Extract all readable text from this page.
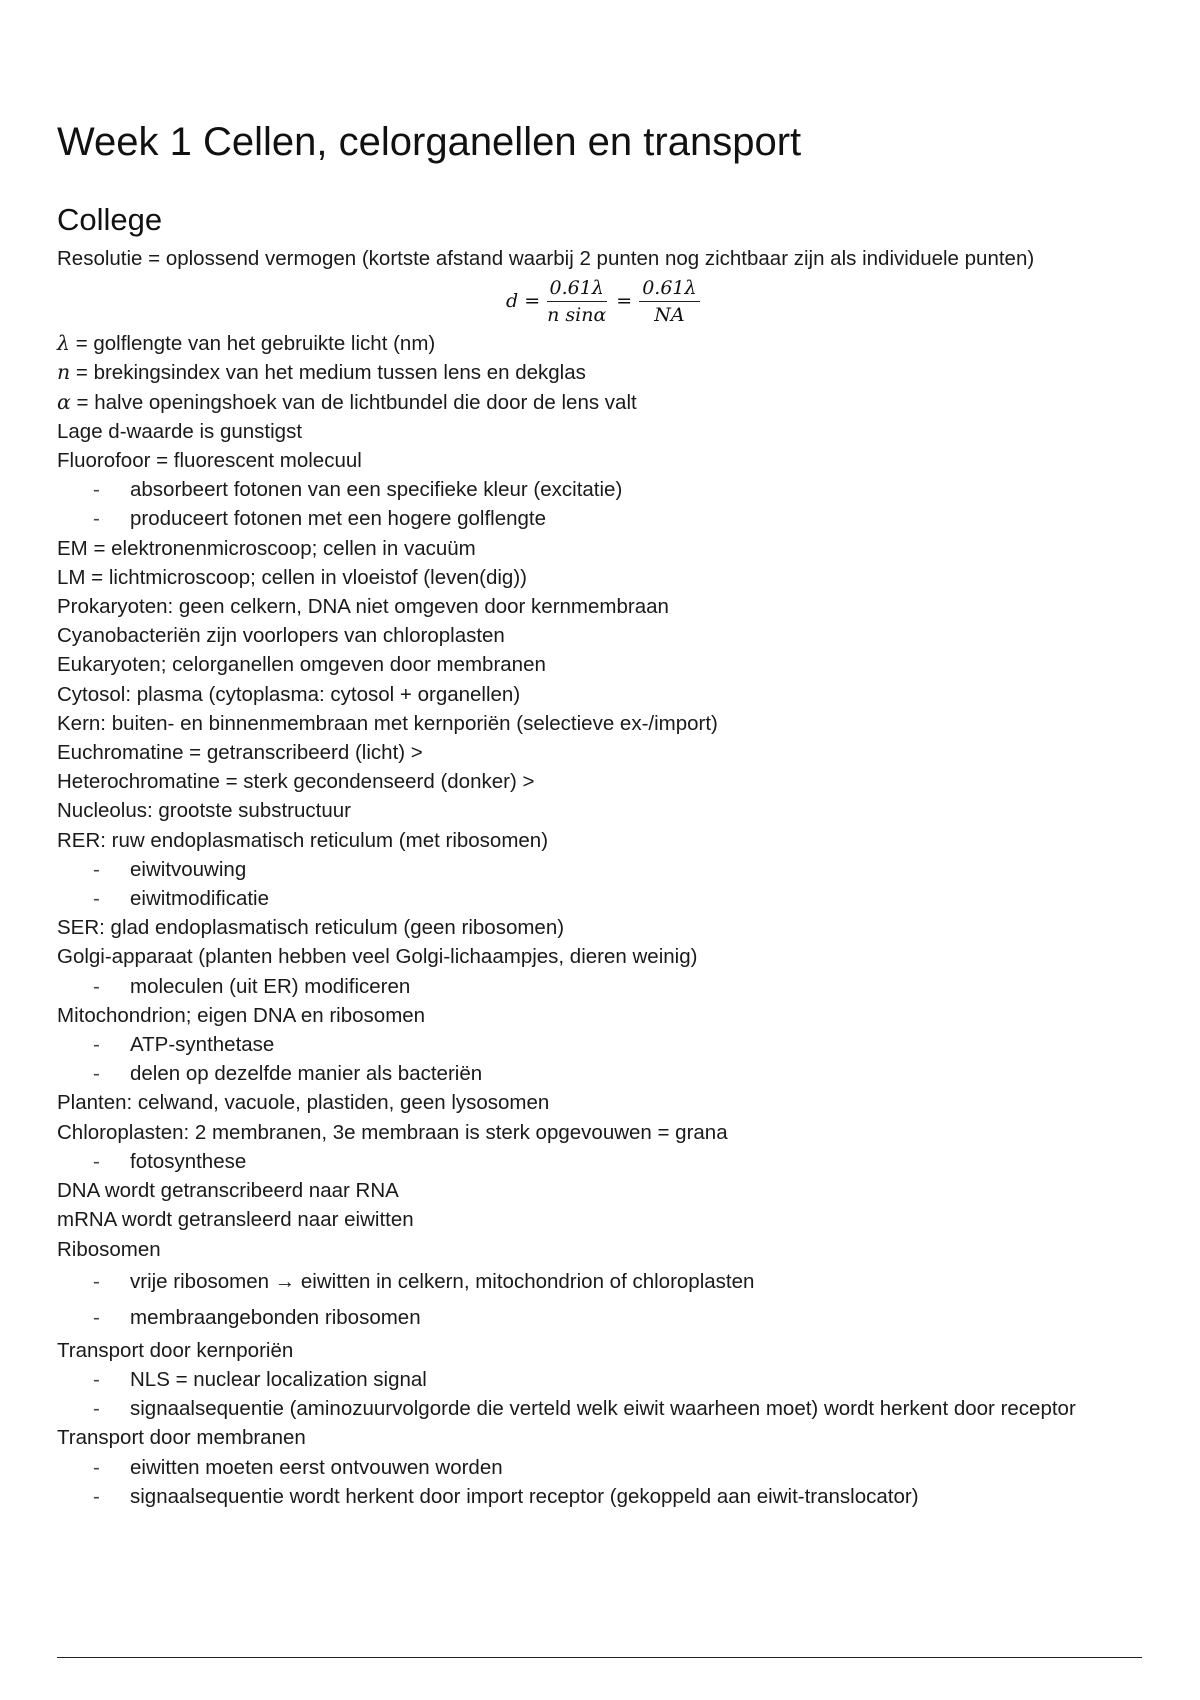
Week 1 Cellen, celorganellen en transport
College
Resolutie = oplossend vermogen (kortste afstand waarbij 2 punten nog zichtbaar zijn als individuele punten)
$d = \frac{0.61\lambda}{\text{n sinα}} = \frac{0.61\lambda}{NA}$
λ = golflengte van het gebruikte licht (nm)
n = brekingsindex van het medium tussen lens en dekglas
α = halve openingshoek van de lichtbundel die door de lens valt
Lage d-waarde is gunstigst
Fluorofoor = fluorescent molecuul
- absorbeert fotonen van een specifieke kleur (excitatie)
- produceert fotonen met een hogere golflengte
EM = elektronenmicroscoop; cellen in vacuüm
LM = lichtmicroscoop; cellen in vloeistof (leven(dig))
Prokaryoten: geen celkern, DNA niet omgeven door kernmembraan
Cyanobacteriën zijn voorlopers van chloroplasten
Eukaryoten; celorganellen omgeven door membranen
Cytosol: plasma (cytoplasma: cytosol + organellen)
Kern: buiten- en binnenmembraan met kernporiën (selectieve ex-/import)
Euchromatine = getranscribeerd (licht) >
Heterochromatine = sterk gecondenseerd (donker) >
Nucleolus: grootste substructuur
RER: ruw endoplasmatisch reticulum (met ribosomen)
- eiwitvouwing
- eiwitmodificatie
SER: glad endoplasmatisch reticulum (geen ribosomen)
Golgi-apparaat (planten hebben veel Golgi-lichaampjes, dieren weinig)
- moleculen (uit ER) modificeren
Mitochondrion; eigen DNA en ribosomen
- ATP-synthetase
- delen op dezelfde manier als bacteriën
Planten: celwand, vacuole, plastiden, geen lysosomen
Chloroplasten: 2 membranen, 3e membraan is sterk opgevouwen = grana
- fotosynthese
DNA wordt getranscribeerd naar RNA
mRNA wordt getransleerd naar eiwitten
Ribosomen
- vrije ribosomen → eiwitten in celkern, mitochondrion of chloroplasten
- membraangebonden ribosomen
Transport door kernporiën
- NLS = nuclear localization signal
- signaalsequentie (aminozuurvolgorde die verteld welk eiwit waarheen moet) wordt herkent door receptor
Transport door membranen
- eiwitten moeten eerst ontvouwen worden
- signaalsequentie wordt herkent door import receptor (gekoppeld aan eiwit-translocator)
